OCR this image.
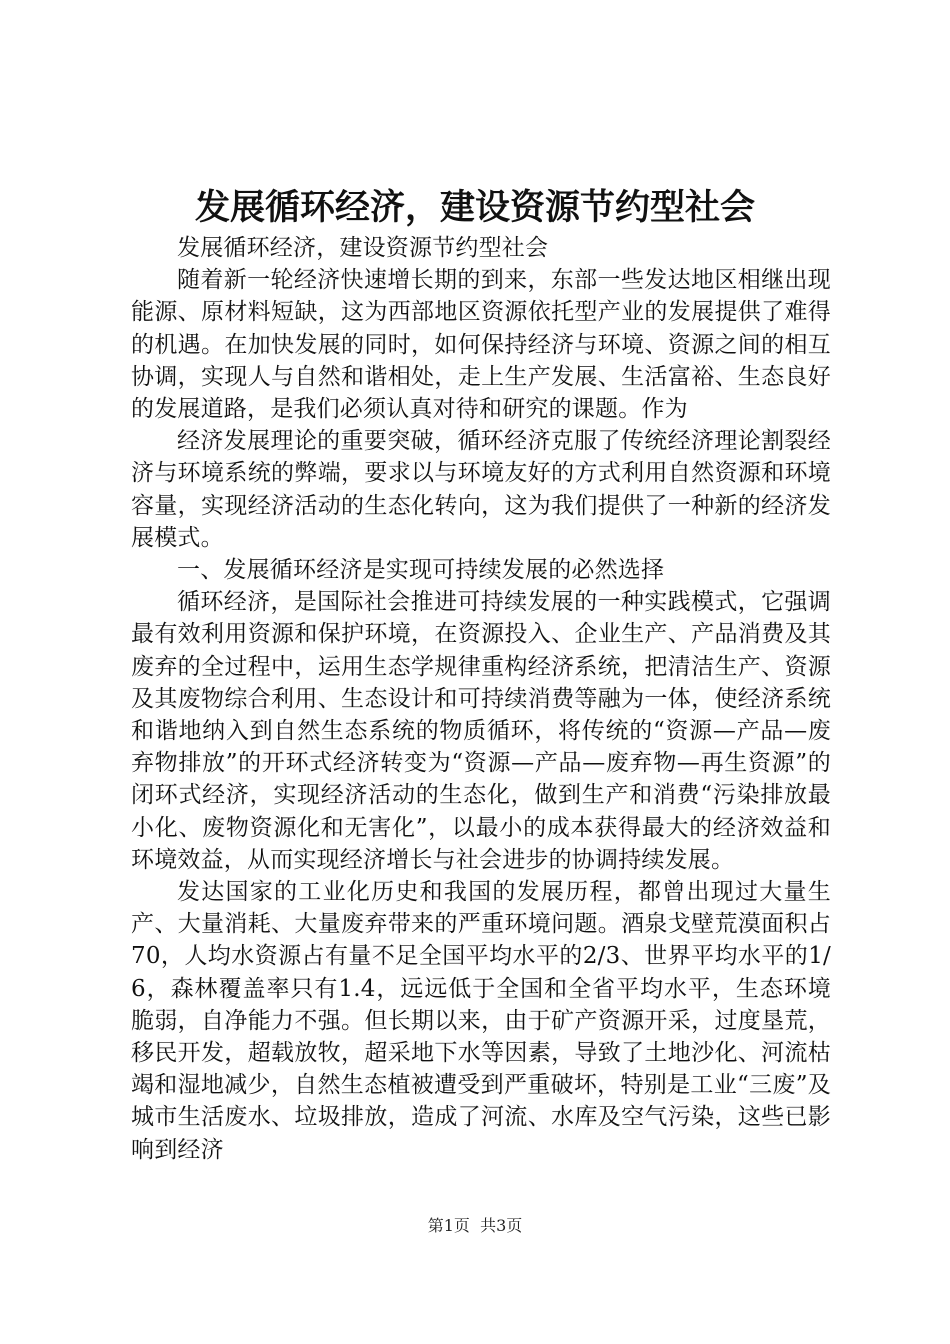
发展循环经济，建设资源节约型社会

发展循环经济，建设资源节约型社会

随着新一轮经济快速增长期的到来，东部一些发达地区相继出现能源、原材料短缺，这为西部地区资源依托型产业的发展提供了难得的机遇。在加快发展的同时，如何保持经济与环境、资源之间的相互协调，实现人与自然和谐相处，走上生产发展、生活富裕、生态良好的发展道路，是我们必须认真对待和研究的课题。作为

经济发展理论的重要突破，循环经济克服了传统经济理论割裂经济与环境系统的弊端，要求以与环境友好的方式利用自然资源和环境容量，实现经济活动的生态化转向，这为我们提供了一种新的经济发展模式。

一、发展循环经济是实现可持续发展的必然选择

循环经济，是国际社会推进可持续发展的一种实践模式，它强调最有效利用资源和保护环境，在资源投入、企业生产、产品消费及其废弃的全过程中，运用生态学规律重构经济系统，把清洁生产、资源及其废物综合利用、生态设计和可持续消费等融为一体，使经济系统和谐地纳入到自然生态系统的物质循环，将传统的“资源—产品—废弃物排放”的开环式经济转变为“资源—产品—废弃物—再生资源”的闭环式经济，实现经济活动的生态化，做到生产和消费“污染排放最小化、废物资源化和无害化”，以最小的成本获得最大的经济效益和环境效益，从而实现经济增长与社会进步的协调持续发展。

发达国家的工业化历史和我国的发展历程，都曾出现过大量生产、大量消耗、大量废弃带来的严重环境问题。酒泉戈壁荒漠面积占70，人均水资源占有量不足全国平均水平的2/3、世界平均水平的1/6，森林覆盖率只有1.4，远远低于全国和全省平均水平，生态环境脆弱，自净能力不强。但长期以来，由于矿产资源开采，过度垦荒，移民开发，超载放牧，超采地下水等因素，导致了土地沙化、河流枯竭和湿地减少，自然生态植被遭受到严重破坏，特别是工业“三废”及城市生活废水、垃圾排放，造成了河流、水库及空气污染，这些已影响到经济

第1页 共3页
